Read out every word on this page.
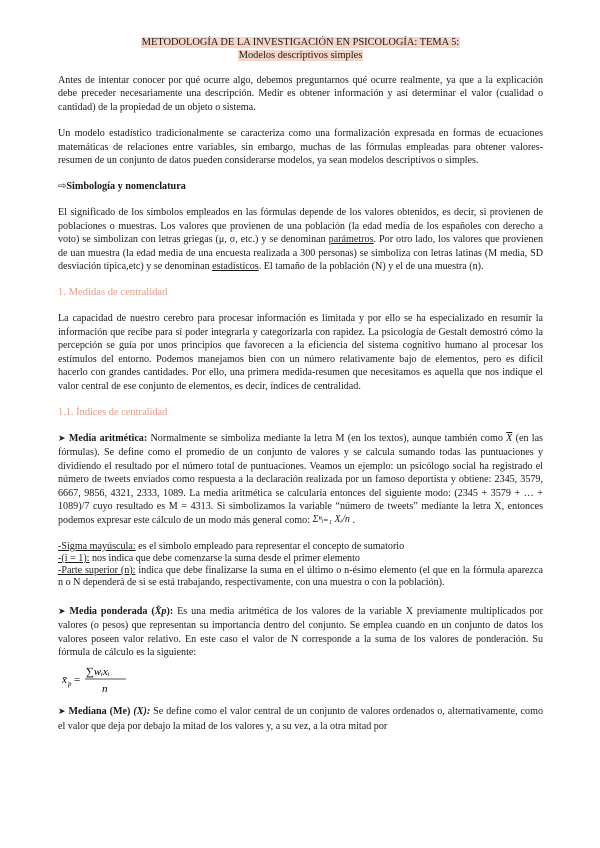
METODOLOGÍA DE LA INVESTIGACIÓN EN PSICOLOGÍA: TEMA 5:
Modelos descriptivos simples

Antes de intentar conocer por qué ocurre algo, debemos preguntarnos qué ocurre realmente, ya que a la explicación debe preceder necesariamente una descripción. Medir es obtener información y así determinar el valor (cualidad o cantidad) de la propiedad de un objeto o sistema.

Un modelo estadístico tradicionalmente se caracteriza como una formalización expresada en formas de ecuaciones matemáticas de relaciones entre variables, sin embargo, muchas de las fórmulas empleadas para obtener valores-resumen de un conjunto de datos pueden considerarse modelos, ya sean modelos descriptivos o simples.

⇨Simbología y nomenclatura

El significado de los símbolos empleados en las fórmulas depende de los valores obtenidos, es decir, si provienen de poblaciones o muestras. Los valores que provienen de una población (la edad media de los españoles con derecho a voto) se simbolizan con letras griegas (μ, σ, etc.) y se denominan parámetros. Por otro lado, los valores que provienen de uan muestra (la edad media de una encuesta realizada a 300 personas) se simboliza con letras latinas (M media, SD desviación típica,etc) y se denominan estadísticos. El tamaño de la población (N) y el de una muestra (n).

1. Medidas de centralidad

La capacidad de nuestro cerebro para procesar información es limitada y por ello se ha especializado en resumir la información que recibe para sí poder integrarla y categorizarla con rapidez. La psicología de Gestalt demostró cómo la percepción se guía por unos principios que favorecen a la eficiencia del sistema cognitivo humano al procesar los estímulos del entorno. Podemos manejamos bien con un número relativamente bajo de elementos, pero es difícil hacerlo con grandes cantidades. Por ello, una primera medida-resumen que necesitamos es aquella que nos indique el valor central de ese conjunto de elementos, es decir, índices de centralidad.

1.1. Índices de centralidad

➤ Media aritmética: Normalmente se simboliza mediante la letra M (en los textos), aunque también como $\overline{X}$ (en las fórmulas). Se define como el promedio de un conjunto de valores y se calcula sumando todas las puntuaciones y dividiendo el resultado por el número total de puntuaciones. Veamos un ejemplo: un psicólogo social ha registrado el número de tweets enviados como respuesta a la declaración realizada por un famoso deportista y obtiene: 2345, 3579, 6667, 9856, 4321, 2333, 1089. La media aritmética se calcularía entonces del siguiente modo: (2345 + 3579 + … + 1089)/7 cuyo resultado es M = 4313. Si simbolizamos la variable “número de tweets” mediante la letra X, entonces podemos expresar este cálculo de un modo más general como: Σⁿᵢ₌₁ Xᵢ/n .

-Sigma mayúscula: es el símbolo empleado para representar el concepto de sumatorio
-(i = 1): nos indica que debe comenzarse la suma desde el primer elemento
-Parte superior (n): indica que debe finalizarse la suma en el último o n-ésimo elemento (el que en la fórmula aparezca n o N dependerá de si se está trabajando, respectivamente, con una muestra o con la población).

➤ Media ponderada (X̄p): Es una media aritmética de los valores de la variable X previamente multiplicados por valores (o pesos) que representan su importancia dentro del conjunto. Se emplea cuando en un conjunto de datos los valores poseen valor relativo. En este caso el valor de N corresponde a la suma de los valores de ponderación. Su fórmula de cálculo es la siguiente:

x̄ p =
∑wᵢxᵢ
n

➤ Mediana (Me) (X): Se define como el valor central de un conjunto de valores ordenados o, alternativamente, como el valor que deja por debajo la mitad de los valores y, a su vez, a la otra mitad por
